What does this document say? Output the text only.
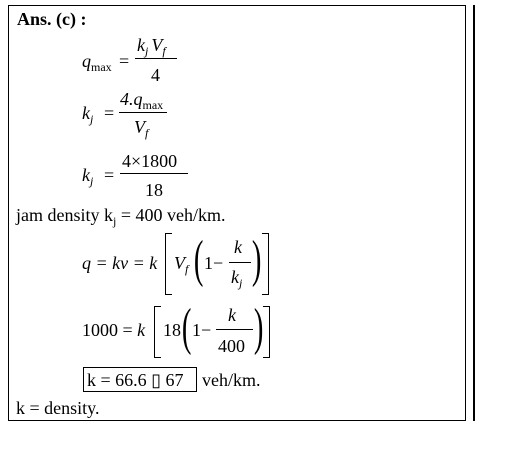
Ans. (c) :
$q_{max}$ =
$k_j$ $V_f$
4
$k_j$ =
$4.q_{max}$
$V_f$
$k_j$ =
4×1800
18
jam density $k_j = 400$ veh/km.
q = kv = k $V_f$ ( 1−
k
$k_j$ )
1000 = k 18 ( 1−
k
400 )
k = 66.6 ▯ 67 veh/km.
k = density.
